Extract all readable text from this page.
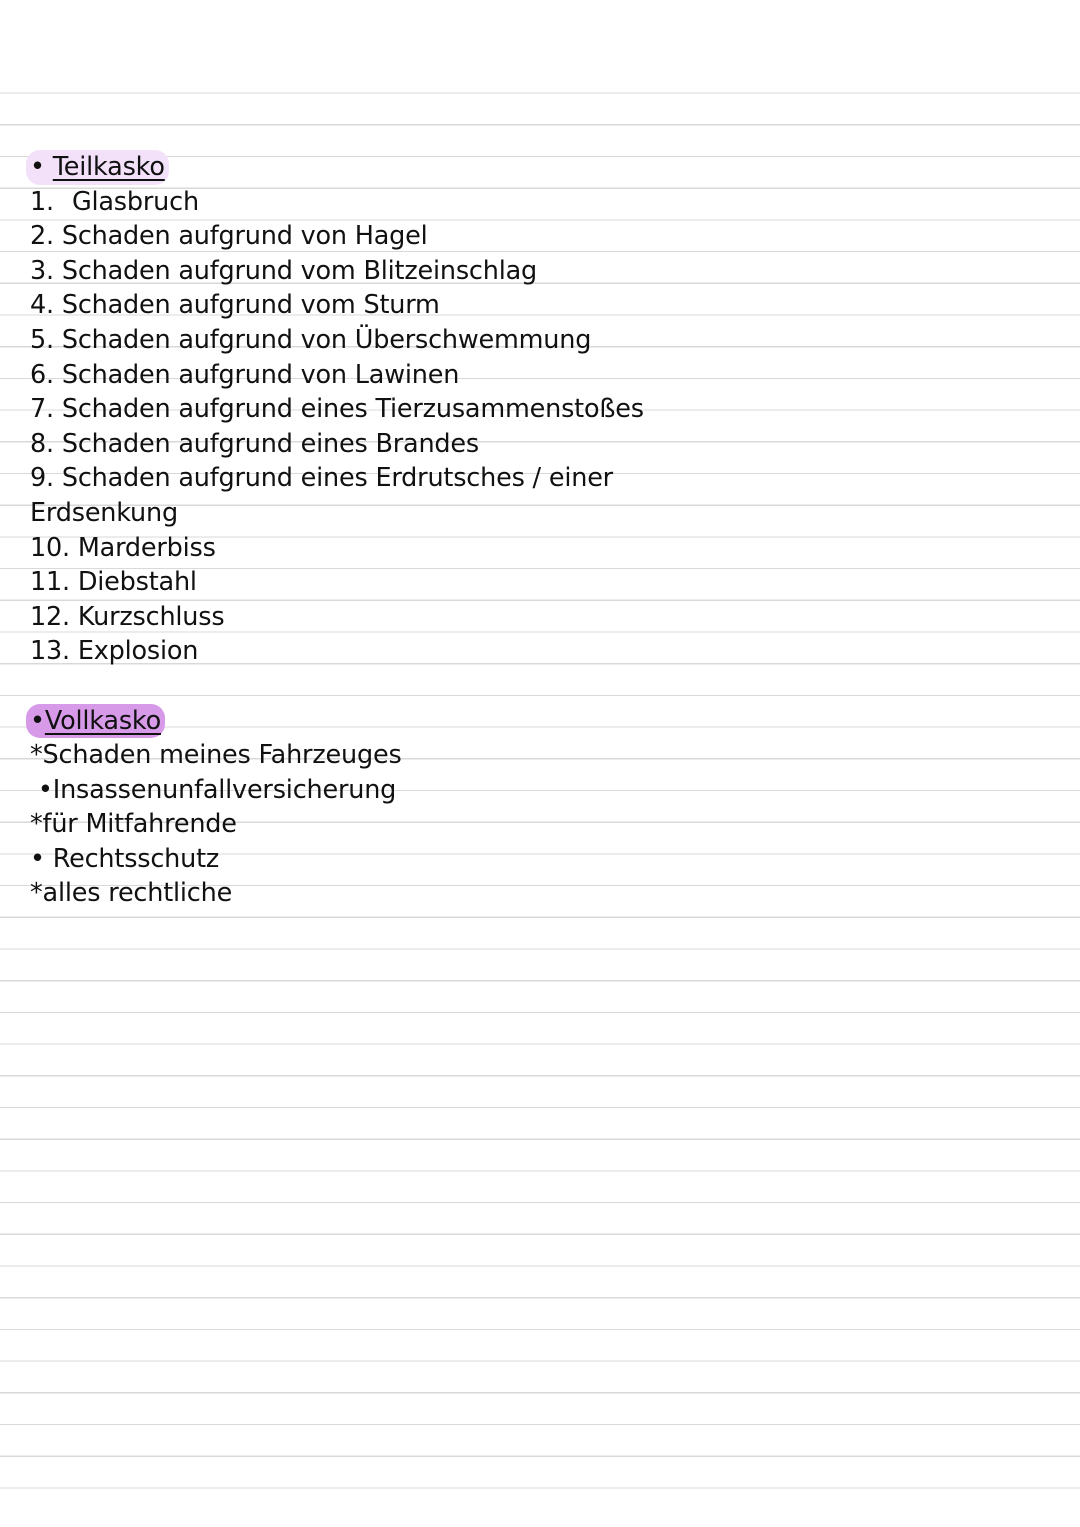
• Teilkasko
1. Glasbruch
2. Schaden aufgrund von Hagel
3. Schaden aufgrund vom Blitzeinschlag
4. Schaden aufgrund vom Sturm
5. Schaden aufgrund von Überschwemmung
6. Schaden aufgrund von Lawinen
7. Schaden aufgrund eines Tierzusammenstoßes
8. Schaden aufgrund eines Brandes
9. Schaden aufgrund eines Erdrutsches / einer
Erdsenkung
10. Marderbiss
11. Diebstahl
12. Kurzschluss
13. Explosion
•Vollkasko
*Schaden meines Fahrzeuges
•Insassenunfallversicherung
*für Mitfahrende
• Rechtsschutz
*alles rechtliche
